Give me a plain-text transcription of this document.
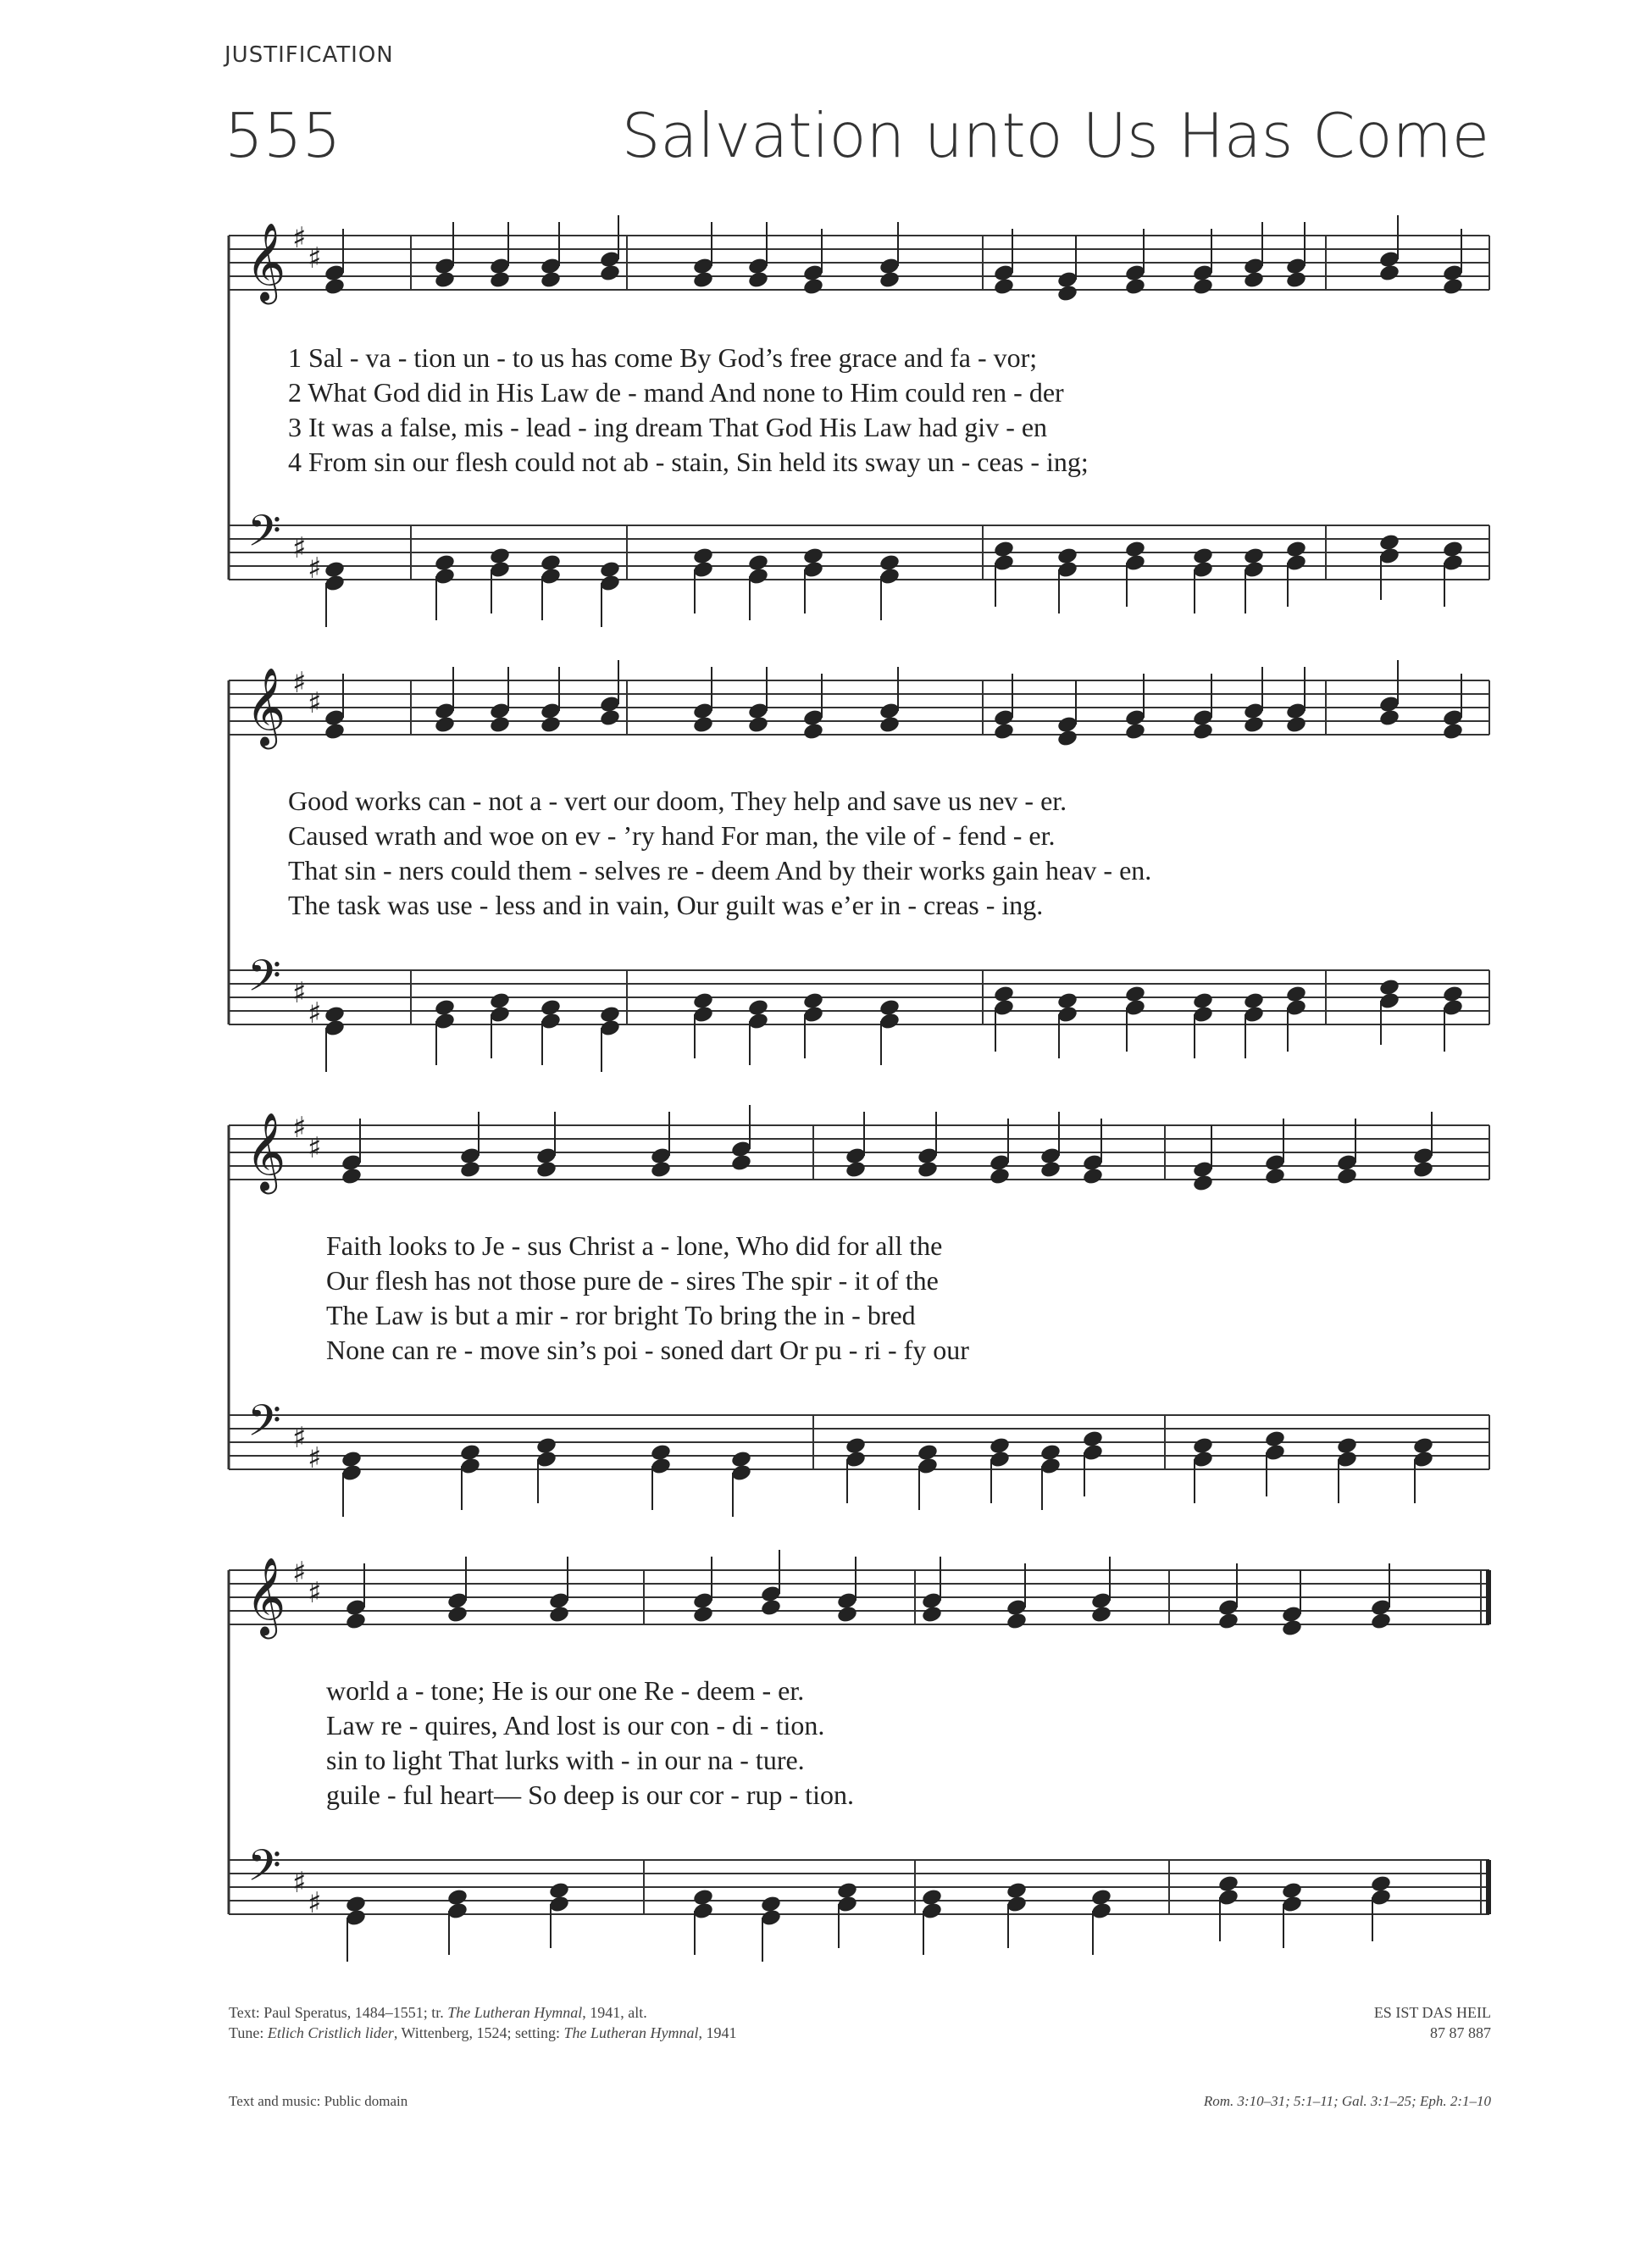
JUSTIFICATION
555	Salvation unto Us Has Come
𝄞 ♯
♯
𝄢 ♯
♯
𝄞 ♯
♯
𝄢 ♯
♯
𝄞 ♯
♯
𝄢 ♯
♯
𝄞 ♯
♯
𝄢 ♯
♯
1 Sal - va - tion un - to us has come By God’s free grace and fa - vor;
2 What God did in His Law de - mand And none to Him could ren - der
3 It was a false, mis - lead - ing dream That God His Law had giv - en
4 From sin our flesh could not ab - stain, Sin held its sway un - ceas - ing;
Good works can - not a - vert our doom, They help and save us nev - er.
Caused wrath and woe on ev - ’ry hand For man, the vile of - fend - er.
That sin - ners could them - selves re - deem And by their works gain heav - en.
The task was use - less and in vain, Our guilt was e’er in - creas - ing.
Faith looks to Je - sus Christ a - lone, Who did for all the
Our flesh has not those pure de - sires The spir - it of the
The Law is but a mir - ror bright To bring the in - bred
None can re - move sin’s poi - soned dart Or pu - ri - fy our
world a - tone; He is our one Re - deem - er.
Law re - quires, And lost is our con - di - tion.
sin to light That lurks with - in our na - ture.
guile - ful heart— So deep is our cor - rup - tion.
Text: Paul Speratus, 1484–1551; tr. The Lutheran Hymnal, 1941, alt.
Tune: Etlich Cristlich lider, Wittenberg, 1524; setting: The Lutheran Hymnal, 1941
ES IST DAS HEIL
87 87 887
Text and music: Public domain	Rom. 3:10–31; 5:1–11; Gal. 3:1–25; Eph. 2:1–10
